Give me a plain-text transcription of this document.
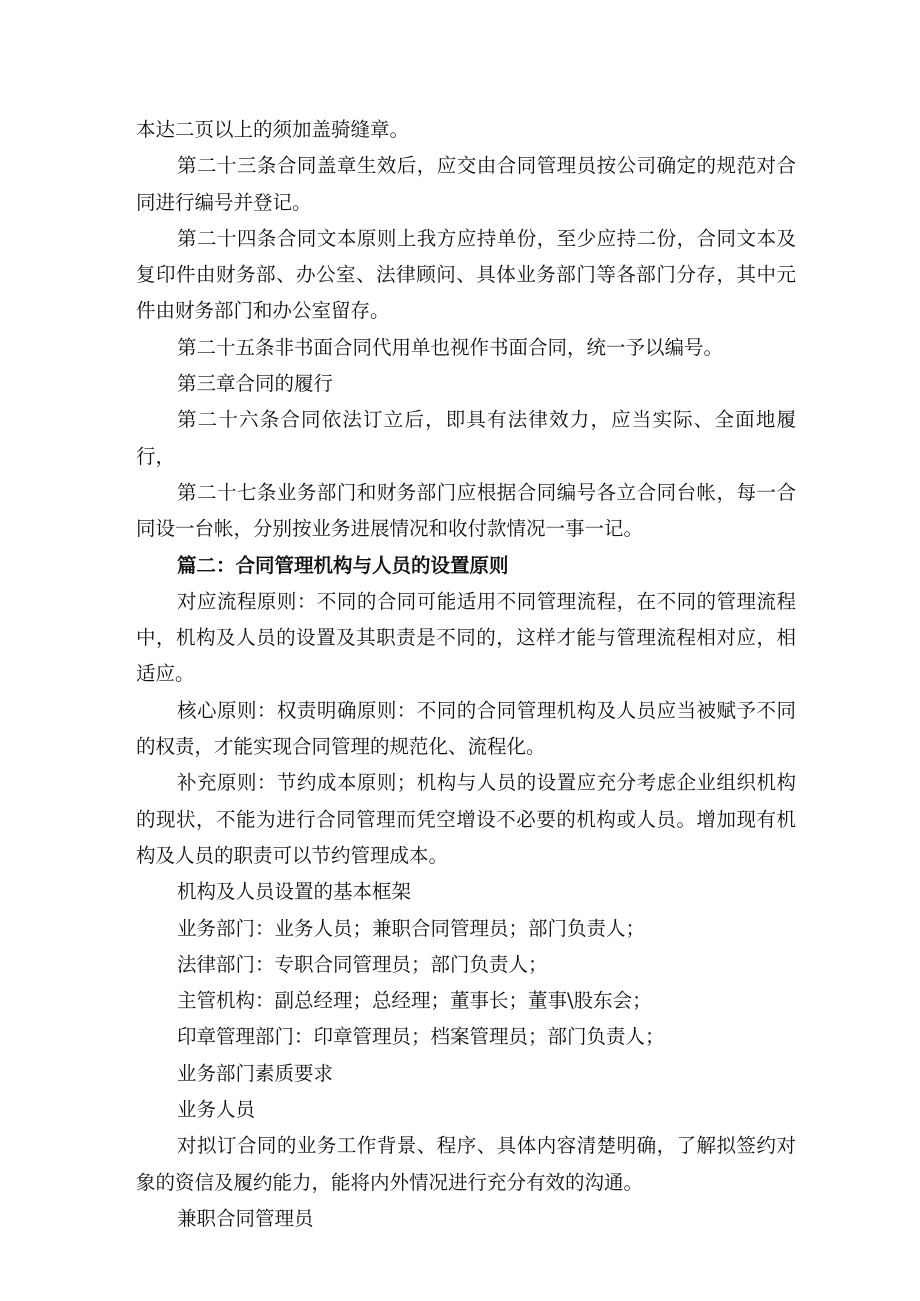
本达二页以上的须加盖骑缝章。

第二十三条合同盖章生效后，应交由合同管理员按公司确定的规范对合同进行编号并登记。

第二十四条合同文本原则上我方应持单份，至少应持二份，合同文本及复印件由财务部、办公室、法律顾问、具体业务部门等各部门分存，其中元件由财务部门和办公室留存。

第二十五条非书面合同代用单也视作书面合同，统一予以编号。

第三章合同的履行

第二十六条合同依法订立后，即具有法律效力，应当实际、全面地履行，

第二十七条业务部门和财务部门应根据合同编号各立合同台帐，每一合同设一台帐，分别按业务进展情况和收付款情况一事一记。

篇二：合同管理机构与人员的设置原则

对应流程原则：不同的合同可能适用不同管理流程，在不同的管理流程中，机构及人员的设置及其职责是不同的，这样才能与管理流程相对应，相适应。

核心原则：权责明确原则：不同的合同管理机构及人员应当被赋予不同的权责，才能实现合同管理的规范化、流程化。

补充原则：节约成本原则；机构与人员的设置应充分考虑企业组织机构的现状，不能为进行合同管理而凭空增设不必要的机构或人员。增加现有机构及人员的职责可以节约管理成本。

机构及人员设置的基本框架

业务部门：业务人员；兼职合同管理员；部门负责人；

法律部门：专职合同管理员；部门负责人；

主管机构：副总经理；总经理；董事长；董事\股东会；

印章管理部门：印章管理员；档案管理员；部门负责人；

业务部门素质要求

业务人员

对拟订合同的业务工作背景、程序、具体内容清楚明确，了解拟签约对象的资信及履约能力，能将内外情况进行充分有效的沟通。

兼职合同管理员
